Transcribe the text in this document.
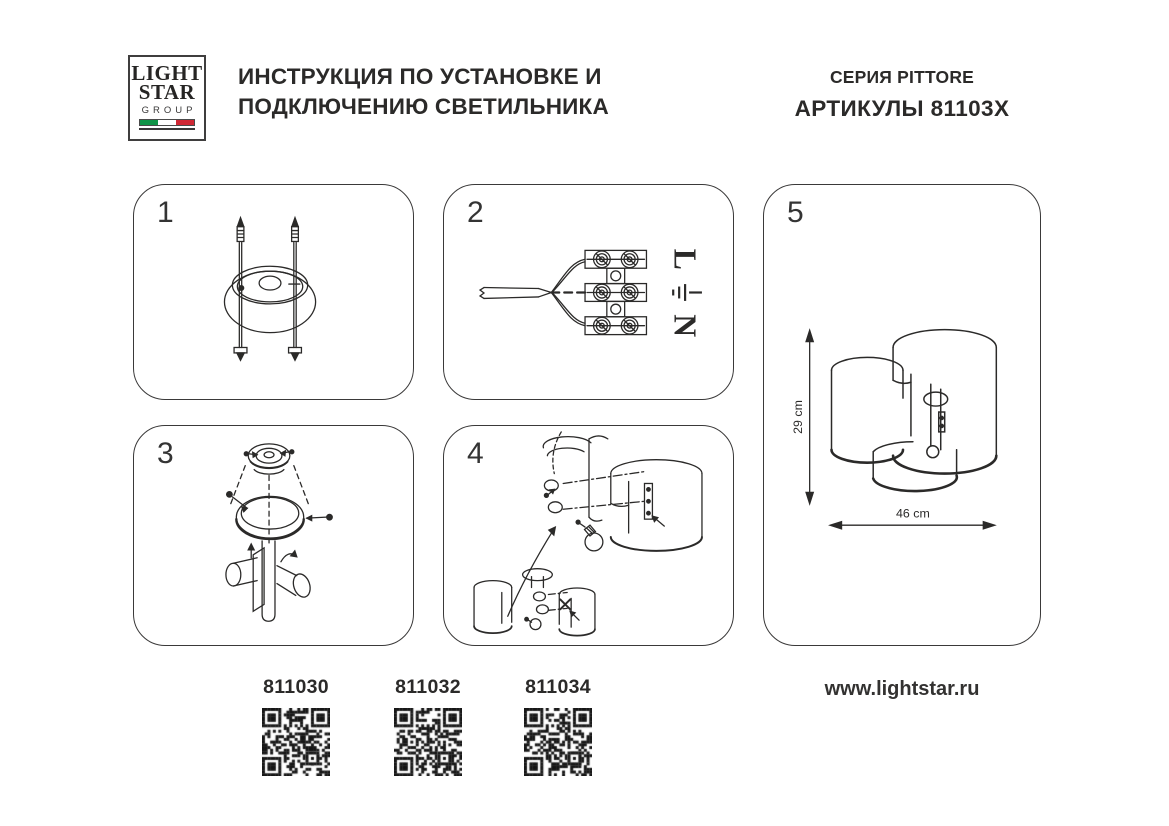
LIGHT
STAR
GROUP
ИНСТРУКЦИЯ ПО УСТАНОВКЕ И
ПОДКЛЮЧЕНИЮ СВЕТИЛЬНИКА
СЕРИЯ PITTORE
АРТИКУЛЫ 81103X
1
L
N
2
3	4
29 cm
46 cm
5
811030	811032	811034	www.lightstar.ru
